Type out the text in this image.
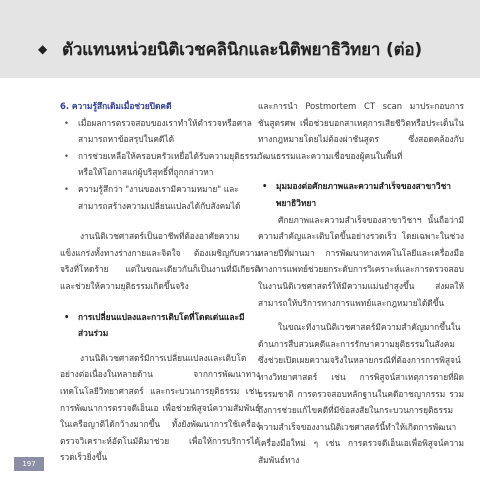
◆ ตัวแทนหน่วยนิติเวชคลินิกและนิติพยาธิวิทยา (ต่อ)

6. ความรู้สึกเดิมเมื่อช่วยปิดคดี

• เมื่อผลการตรวจสอบของเราทำให้ตำรวจหรือศาล สามารถหาข้อสรุปในคดีได้
• การช่วยเหลือให้ครอบครัวเหยื่อได้รับความยุติธรรม หรือให้โอกาสแก่ผู้บริสุทธิ์ที่ถูกกล่าวหา
• ความรู้สึกว่า "งานของเรามีความหมาย" และสามารถสร้างความเปลี่ยนแปลงได้กับสังคมได้

งานนิติเวชศาสตร์เป็นอาชีพที่ต้องอาศัยความแข็งแกร่งทั้งทางร่างกายและจิตใจ ต้องเผชิญกับความจริงที่โหดร้าย แต่ในขณะเดียวกันก็เป็นงานที่มีเกียรติและช่วยให้ความยุติธรรมเกิดขึ้นจริง

• การเปลี่ยนแปลงและการเติบโตที่โดดเด่นและมีส่วนร่วม

งานนิติเวชศาสตร์มีการเปลี่ยนแปลงและเติบโตอย่างต่อเนื่องในหลายด้าน จากการพัฒนาทางเทคโนโลยีวิทยาศาสตร์ และกระบวนการยุติธรรม เช่น การพัฒนาการตรวจดีเอ็นเอ เพื่อช่วยพิสูจน์ความสัมพันธ์ในเครือญาติได้กว้างมากขึ้น ทั้งยังพัฒนาการใช้เครื่องตรวจวิเคราะห์อัตโนมัติมาช่วย เพื่อให้การบริการได้รวดเร็วยิ่งขึ้น

และการนำ Postmortem CT scan มาประกอบการชันสูตรศพ เพื่อช่วยบอกสาเหตุการเสียชีวิตหรือประเด็นในทางกฎหมายโดยไม่ต้องผ่าชันสูตร ซึ่งสอดคล้องกับวัฒนธรรมและความเชื่อของผู้คนในพื้นที่

• มุมมองต่อศักยภาพและความสำเร็จของสาขาวิชาพยาธิวิทยา

ศักยภาพและความสำเร็จของสาขาวิชาฯ นั้นถือว่ามีความสำคัญและเติบโตขึ้นอย่างรวดเร็ว โดยเฉพาะในช่วงหลายปีที่ผ่านมา การพัฒนาทางเทคโนโลยีและเครื่องมือทางการแพทย์ช่วยยกระดับการวิเคราะห์และการตรวจสอบในงานนิติเวชศาสตร์ให้มีความแม่นยำสูงขึ้น ส่งผลให้สามารถให้บริการทางการแพทย์และกฎหมายได้ดีขึ้น

ในขณะที่งานนิติเวชศาสตร์มีความสำคัญมากขึ้นในด้านการสืบสวนคดีและการรักษาความยุติธรรมในสังคม ซึ่งช่วยเปิดเผยความจริงในหลายกรณีที่ต้องการการพิสูจน์ทางวิทยาศาสตร์ เช่น การพิสูจน์สาเหตุการตายที่ผิดธรรมชาติ การตรวจสอบหลักฐานในคดีอาชญากรรม รวมถึงการช่วยแก้ไขคดีที่มีข้อสงสัยในกระบวนการยุติธรรม ความสำเร็จของงานนิติเวชศาสตร์นี้ทำให้เกิดการพัฒนาเครื่องมือใหม่ ๆ เช่น การตรวจดีเอ็นเอเพื่อพิสูจน์ความสัมพันธ์ทาง

197
